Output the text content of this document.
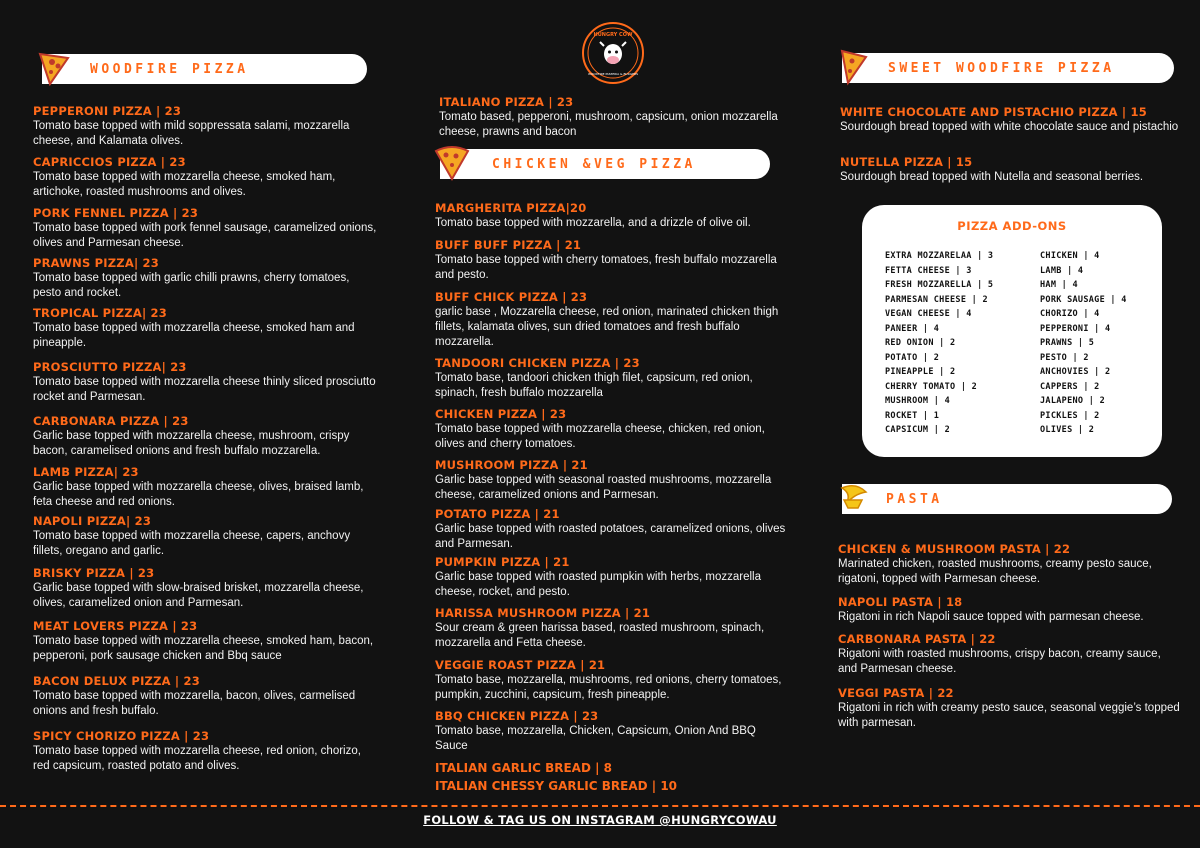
HUNGRY COW
WOODFIRE PIZZERIA & BURGERS
WOODFIRE PIZZA
PEPPERONI PIZZA | 23
Tomato base topped with mild soppressata salami, mozzarella cheese, and Kalamata olives.
CAPRICCIOS PIZZA | 23
Tomato base topped with mozzarella cheese, smoked ham, artichoke, roasted mushrooms and olives.
PORK FENNEL PIZZA | 23
Tomato base topped with pork fennel sausage, caramelized onions, olives and Parmesan cheese.
PRAWNS PIZZA| 23
Tomato base topped with garlic chilli prawns, cherry tomatoes, pesto and rocket.
TROPICAL PIZZA| 23
Tomato base topped with mozzarella cheese, smoked ham and pineapple.
PROSCIUTTO PIZZA| 23
Tomato base topped with mozzarella cheese thinly sliced prosciutto rocket and Parmesan.
CARBONARA PIZZA | 23
Garlic base topped with mozzarella cheese, mushroom, crispy bacon, caramelised onions and fresh buffalo mozzarella.
LAMB PIZZA| 23
Garlic base topped with mozzarella cheese, olives, braised lamb, feta cheese and red onions.
NAPOLI PIZZA| 23
Tomato base topped with mozzarella cheese, capers, anchovy fillets, oregano and garlic.
BRISKY PIZZA | 23
Garlic base topped with slow-braised brisket, mozzarella cheese, olives, caramelized onion and Parmesan.
MEAT LOVERS PIZZA | 23
Tomato base topped with mozzarella cheese, smoked ham, bacon, pepperoni, pork sausage chicken and Bbq sauce
BACON DELUX PIZZA | 23
Tomato base topped with mozzarella, bacon, olives, carmelised onions and fresh buffalo.
SPICY CHORIZO PIZZA | 23
Tomato base topped with mozzarella cheese, red onion, chorizo, red capsicum, roasted potato and olives.
ITALIANO PIZZA | 23
Tomato based, pepperoni, mushroom, capsicum, onion mozzarella cheese, prawns and bacon
MARGHERITA PIZZA|20
Tomato base topped with mozzarella, and a drizzle of olive oil.
BUFF BUFF PIZZA | 21
Tomato base topped with cherry tomatoes, fresh buffalo mozzarella and pesto.
BUFF CHICK PIZZA | 23
garlic base , Mozzarella cheese, red onion, marinated chicken thigh fillets, kalamata olives, sun dried tomatoes and fresh buffalo mozzarella.
TANDOORI CHICKEN PIZZA | 23
Tomato base, tandoori chicken thigh filet, capsicum, red onion, spinach, fresh buffalo mozzarella
CHICKEN PIZZA | 23
Tomato base topped with mozzarella cheese, chicken, red onion, olives and cherry tomatoes.
MUSHROOM PIZZA | 21
Garlic base topped with seasonal roasted mushrooms, mozzarella cheese, caramelized onions and Parmesan.
POTATO PIZZA | 21
Garlic base topped with roasted potatoes, caramelized onions, olives and Parmesan.
PUMPKIN PIZZA | 21
Garlic base topped with roasted pumpkin with herbs, mozzarella cheese, rocket, and pesto.
HARISSA MUSHROOM PIZZA | 21
Sour cream & green harissa based, roasted mushroom, spinach, mozzarella and Fetta cheese.
VEGGIE ROAST PIZZA | 21
Tomato base, mozzarella, mushrooms, red onions, cherry tomatoes, pumpkin, zucchini, capsicum, fresh pineapple.
BBQ CHICKEN PIZZA | 23
Tomato base, mozzarella, Chicken, Capsicum, Onion And BBQ Sauce
ITALIAN GARLIC BREAD | 8
ITALIAN CHESSY GARLIC BREAD | 10
CHICKEN &VEG PIZZA
SWEET WOODFIRE PIZZA
WHITE CHOCOLATE AND PISTACHIO PIZZA | 15
Sourdough bread topped with white chocolate sauce and pistachio
NUTELLA PIZZA | 15
Sourdough bread topped with Nutella and seasonal berries.
PIZZA ADD-ONS
EXTRA MOZZARELAA | 3
FETTA CHEESE | 3
FRESH MOZZARELLA | 5
PARMESAN CHEESE | 2
VEGAN CHEESE | 4
PANEER | 4
RED ONION | 2
POTATO | 2
PINEAPPLE | 2
CHERRY TOMATO | 2
MUSHROOM | 4
ROCKET | 1
CAPSICUM | 2
CHICKEN | 4
LAMB | 4
HAM | 4
PORK SAUSAGE | 4
CHORIZO | 4
PEPPERONI | 4
PRAWNS | 5
PESTO | 2
ANCHOVIES | 2
CAPPERS | 2
JALAPENO | 2
PICKLES | 2
OLIVES | 2
PASTA
CHICKEN & MUSHROOM PASTA | 22
Marinated chicken, roasted mushrooms, creamy pesto sauce, rigatoni, topped with Parmesan cheese.
NAPOLI PASTA | 18
Rigatoni in rich Napoli sauce topped with parmesan cheese.
CARBONARA PASTA | 22
Rigatoni with roasted mushrooms, crispy bacon, creamy sauce, and Parmesan cheese.
VEGGI PASTA | 22
Rigatoni in rich with creamy pesto sauce, seasonal veggie’s topped with parmesan.
FOLLOW & TAG US ON INSTAGRAM @HUNGRYCOWAU
